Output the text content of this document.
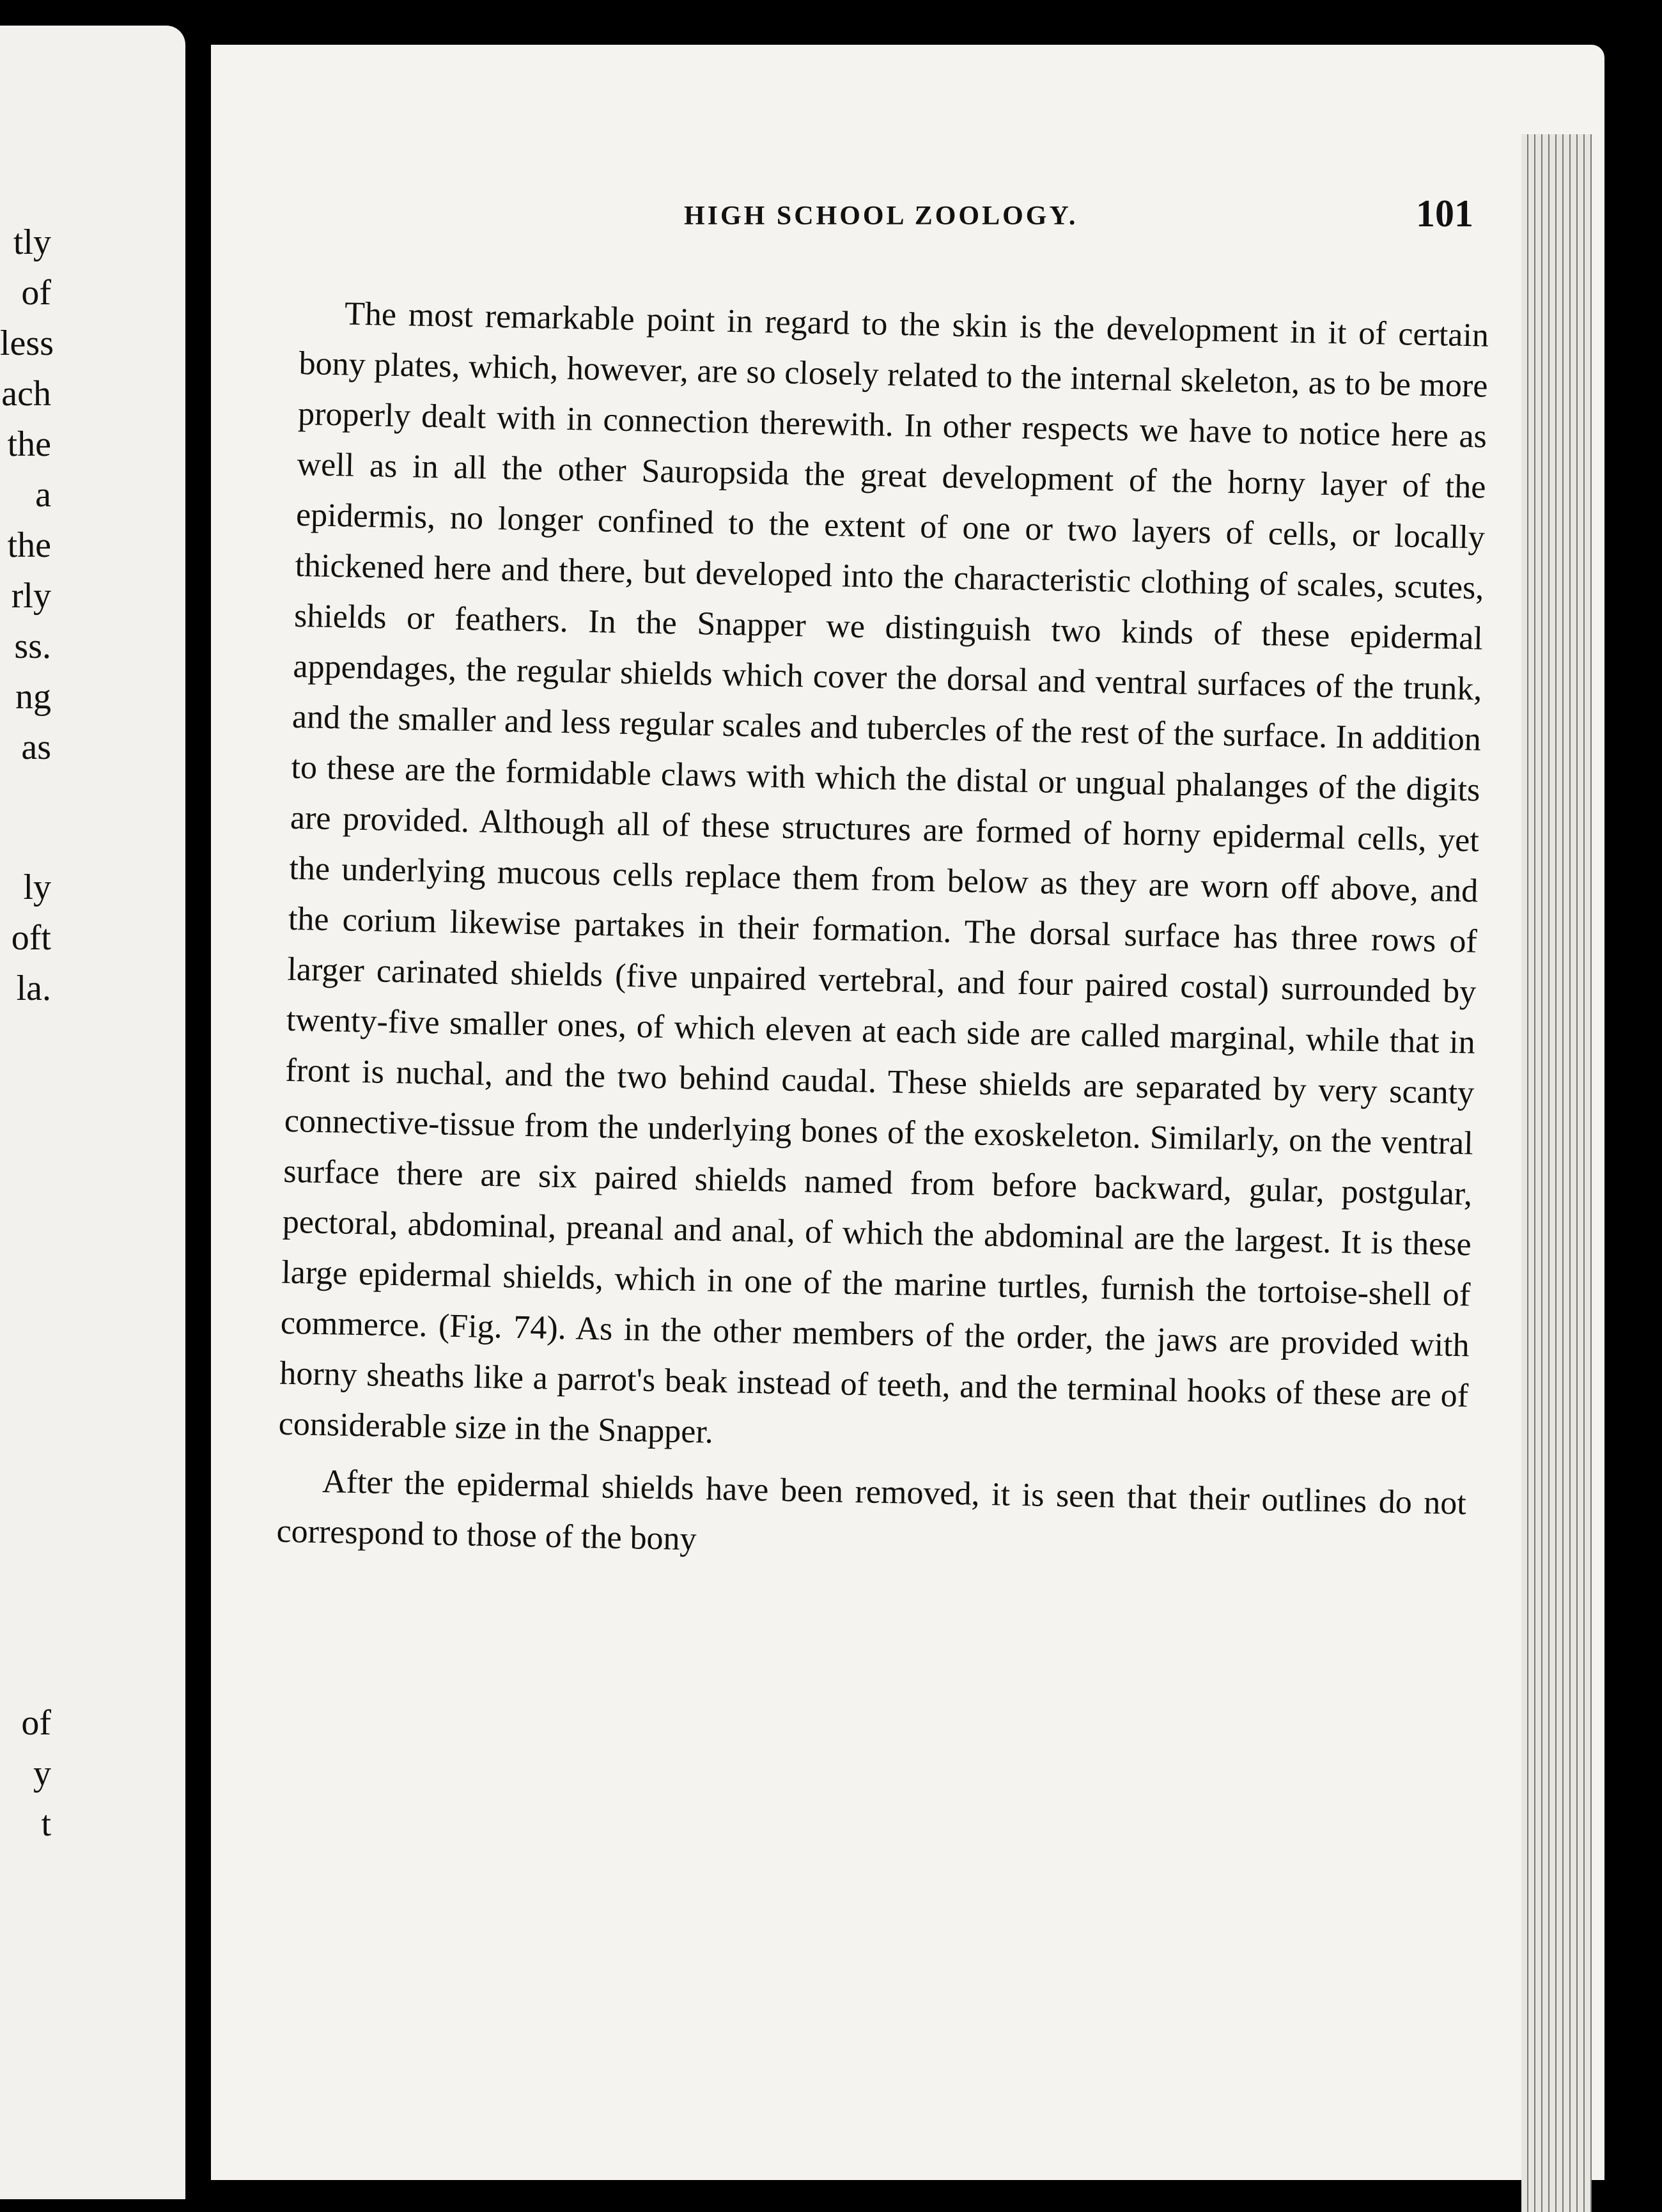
tly
of
less
ach
the
a
the
rly
ss.
ng
as
ly
oft
la.
of
y
t
HIGH SCHOOL ZOOLOGY.	101

The most remarkable point in regard to the skin is the development in it of certain bony plates, which, however, are so closely related to the internal skeleton, as to be more properly dealt with in connection therewith. In other respects we have to notice here as well as in all the other Sauropsida the great development of the horny layer of the epidermis, no longer confined to the extent of one or two layers of cells, or locally thickened here and there, but developed into the characteristic clothing of scales, scutes, shields or feathers. In the Snapper we distinguish two kinds of these epidermal appendages, the regular shields which cover the dorsal and ventral surfaces of the trunk, and the smaller and less regular scales and tubercles of the rest of the surface. In addition to these are the formidable claws with which the distal or ungual phalanges of the digits are provided. Although all of these structures are formed of horny epidermal cells, yet the underlying mucous cells replace them from below as they are worn off above, and the corium likewise partakes in their formation. The dorsal surface has three rows of larger carinated shields (five unpaired vertebral, and four paired costal) surrounded by twenty-five smaller ones, of which eleven at each side are called marginal, while that in front is nuchal, and the two behind caudal. These shields are separated by very scanty connective-tissue from the underlying bones of the exoskeleton. Similarly, on the ventral surface there are six paired shields named from before backward, gular, postgular, pectoral, abdominal, preanal and anal, of which the abdominal are the largest. It is these large epidermal shields, which in one of the marine turtles, furnish the tortoise-shell of commerce. (Fig. 74). As in the other members of the order, the jaws are provided with horny sheaths like a parrot's beak instead of teeth, and the terminal hooks of these are of considerable size in the Snapper.

After the epidermal shields have been removed, it is seen that their outlines do not correspond to those of the bony
